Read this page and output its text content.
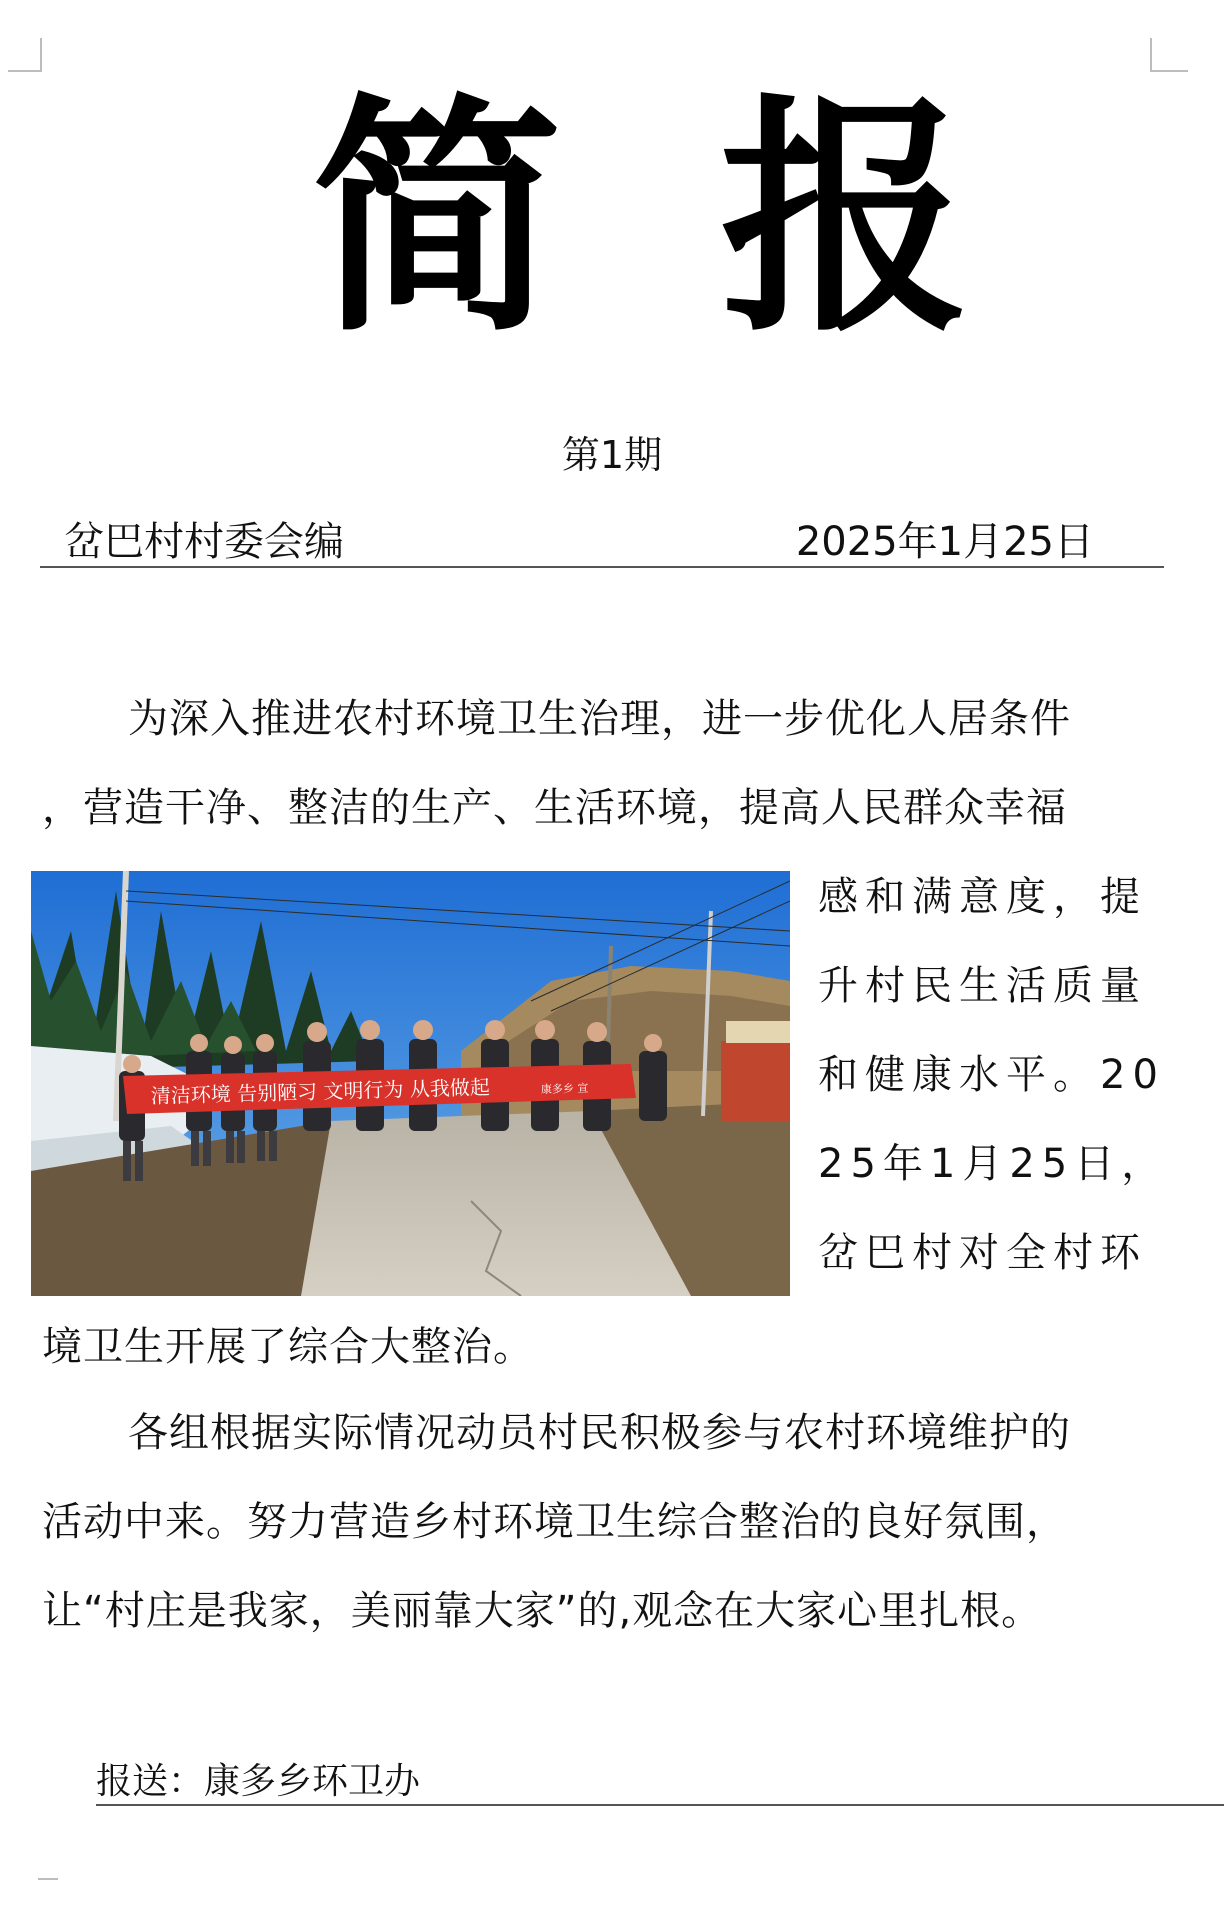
简 报
第1期
岔巴村村委会编	2025年1月25日
为深入推进农村环境卫生治理，进一步优化人居条件
，营造干净、整洁的生产、生活环境，提高人民群众幸福
清洁环境 告别陋习 文明行为 从我做起	康多乡 宣
感和满意度，提
升村民生活质量
和健康水平。20
25年1月25日，
岔巴村对全村环
境卫生开展了综合大整治。
各组根据实际情况动员村民积极参与农村环境维护的
活动中来。努力营造乡村环境卫生综合整治的良好氛围，
让“村庄是我家，美丽靠大家”的,观念在大家心里扎根。
报送：康多乡环卫办
